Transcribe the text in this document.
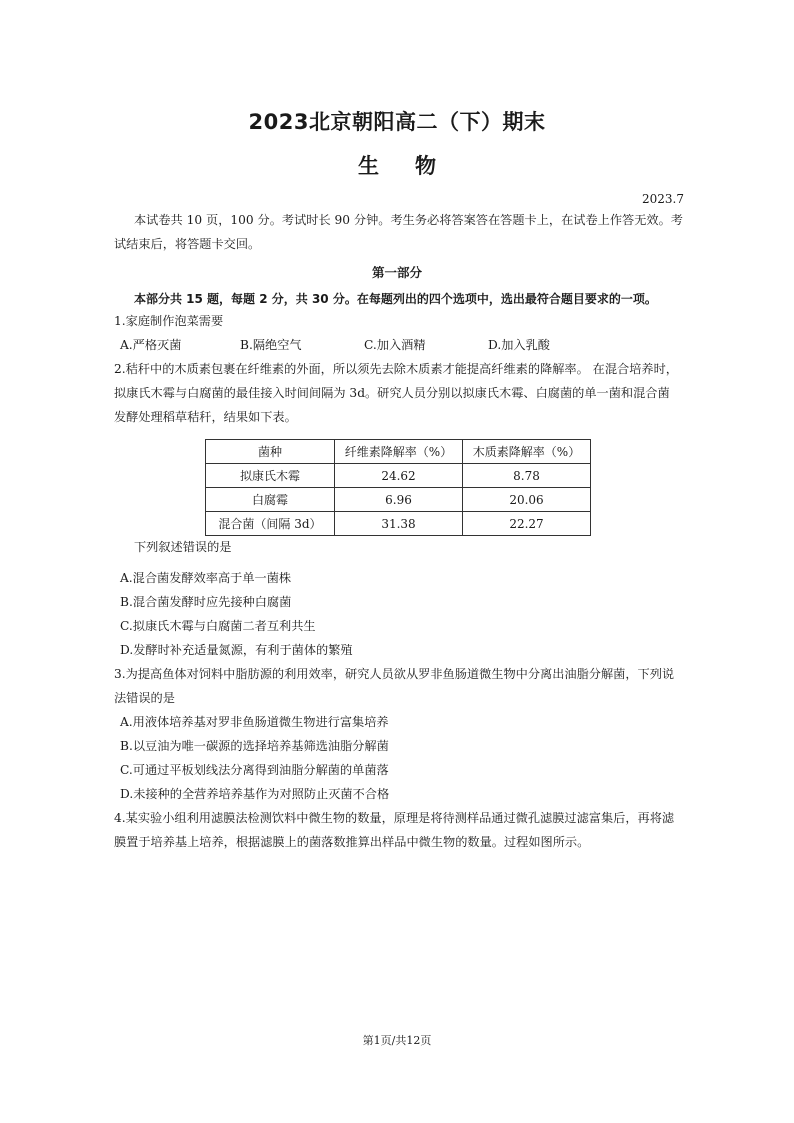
2023北京朝阳高二（下）期末
生物
2023.7
本试卷共 10 页，100 分。考试时长 90 分钟。考生务必将答案答在答题卡上，在试卷上作答无效。考
试结束后，将答题卡交回。
第一部分
本部分共 15 题，每题 2 分，共 30 分。在每题列出的四个选项中，选出最符合题目要求的一项。
1.家庭制作泡菜需要
A.严格灭菌	B.隔绝空气	C.加入酒精	D.加入乳酸
2.秸秆中的木质素包裹在纤维素的外面，所以须先去除木质素才能提高纤维素的降解率。 在混合培养时，
拟康氏木霉与白腐菌的最佳接入时间间隔为 3d。研究人员分别以拟康氏木霉、白腐菌的单一菌和混合菌
发酵处理稻草秸秆，结果如下表。
菌种	纤维素降解率（%）	木质素降解率（%）
拟康氏木霉	24.62	8.78
白腐霉	6.96	20.06
混合菌（间隔 3d）	31.38	22.27
下列叙述错误的是
A.混合菌发酵效率高于单一菌株
B.混合菌发酵时应先接种白腐菌
C.拟康氏木霉与白腐菌二者互利共生
D.发酵时补充适量氮源，有利于菌体的繁殖
3.为提高鱼体对饲料中脂肪源的利用效率，研究人员欲从罗非鱼肠道微生物中分离出油脂分解菌，下列说
法错误的是
A.用液体培养基对罗非鱼肠道微生物进行富集培养
B.以豆油为唯一碳源的选择培养基筛选油脂分解菌
C.可通过平板划线法分离得到油脂分解菌的单菌落
D.未接种的全营养培养基作为对照防止灭菌不合格
4.某实验小组利用滤膜法检测饮料中微生物的数量，原理是将待测样品通过微孔滤膜过滤富集后，再将滤
膜置于培养基上培养，根据滤膜上的菌落数推算出样品中微生物的数量。过程如图所示。
第1页/共12页
